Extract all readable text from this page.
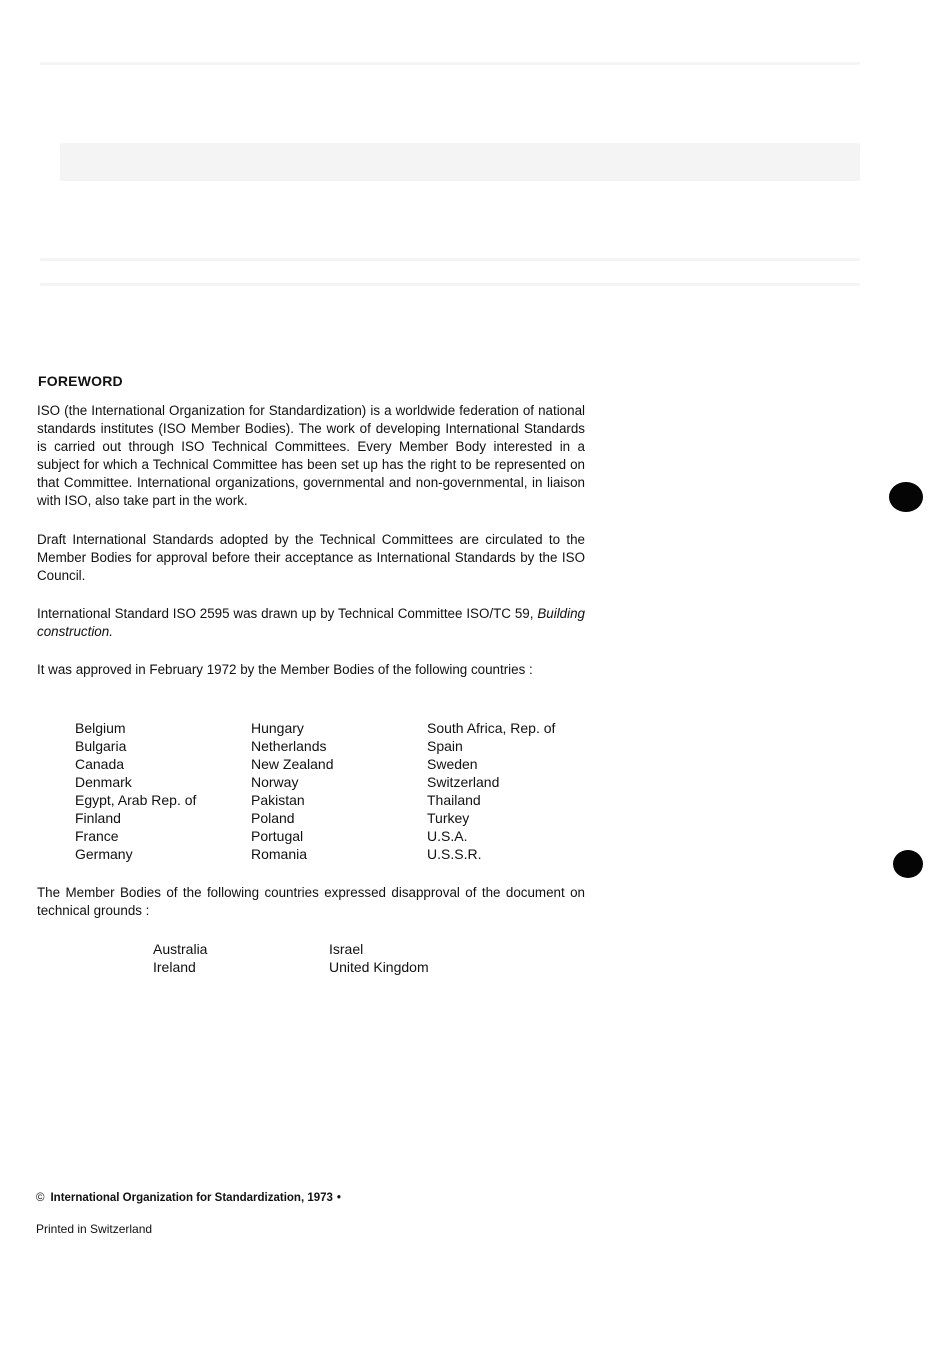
FOREWORD
ISO (the International Organization for Standardization) is a worldwide federation of national standards institutes (ISO Member Bodies). The work of developing International Standards is carried out through ISO Technical Committees. Every Member Body interested in a subject for which a Technical Committee has been set up has the right to be represented on that Committee. International organizations, governmental and non-governmental, in liaison with ISO, also take part in the work.
Draft International Standards adopted by the Technical Committees are circulated to the Member Bodies for approval before their acceptance as International Standards by the ISO Council.
International Standard ISO 2595 was drawn up by Technical Committee ISO/TC 59, Building construction.
It was approved in February 1972 by the Member Bodies of the following countries :
Belgium	Hungary	South Africa, Rep. of
Bulgaria	Netherlands	Spain
Canada	New Zealand	Sweden
Denmark	Norway	Switzerland
Egypt, Arab Rep. of	Pakistan	Thailand
Finland	Poland	Turkey
France	Portugal	U.S.A.
Germany	Romania	U.S.S.R.
The Member Bodies of the following countries expressed disapproval of the document on technical grounds :
Australia	Israel
Ireland	United Kingdom
© International Organization for Standardization, 1973 •
Printed in Switzerland
